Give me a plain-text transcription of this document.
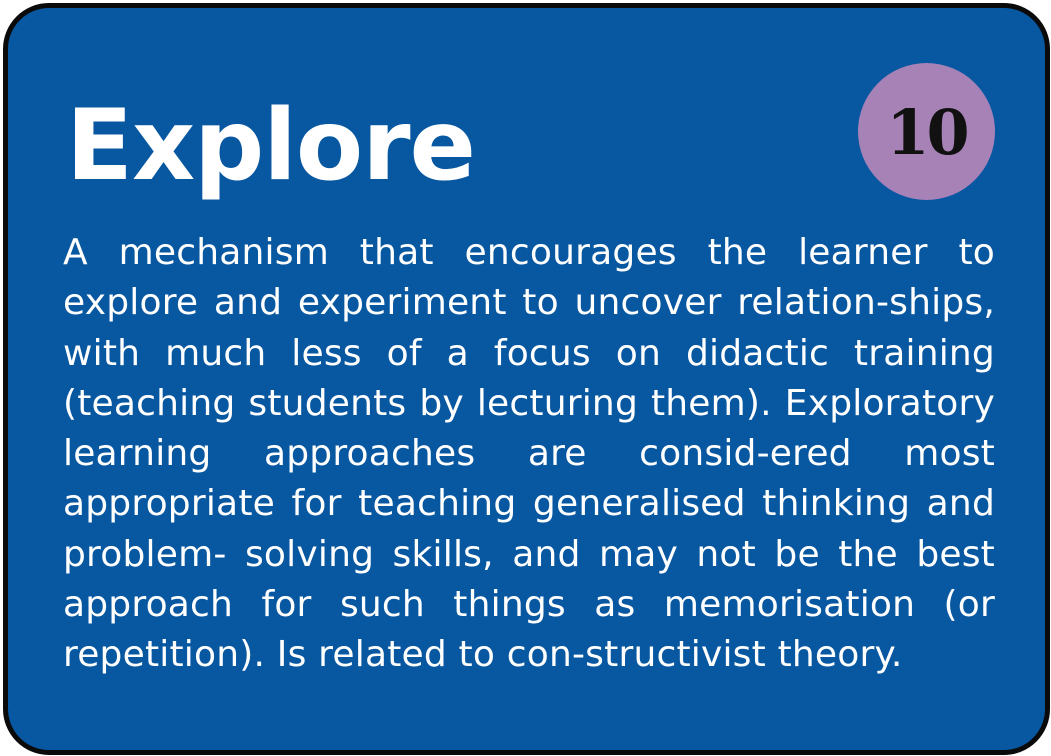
Explore	10

A mechanism that encourages the learner to explore and experiment to uncover relation-ships, with much less of a focus on didactic training (teaching students by lecturing them). Exploratory learning approaches are consid-ered most appropriate for teaching generalised thinking and problem- solving skills, and may not be the best approach for such things as memorisation (or repetition). Is related to con-structivist theory.
